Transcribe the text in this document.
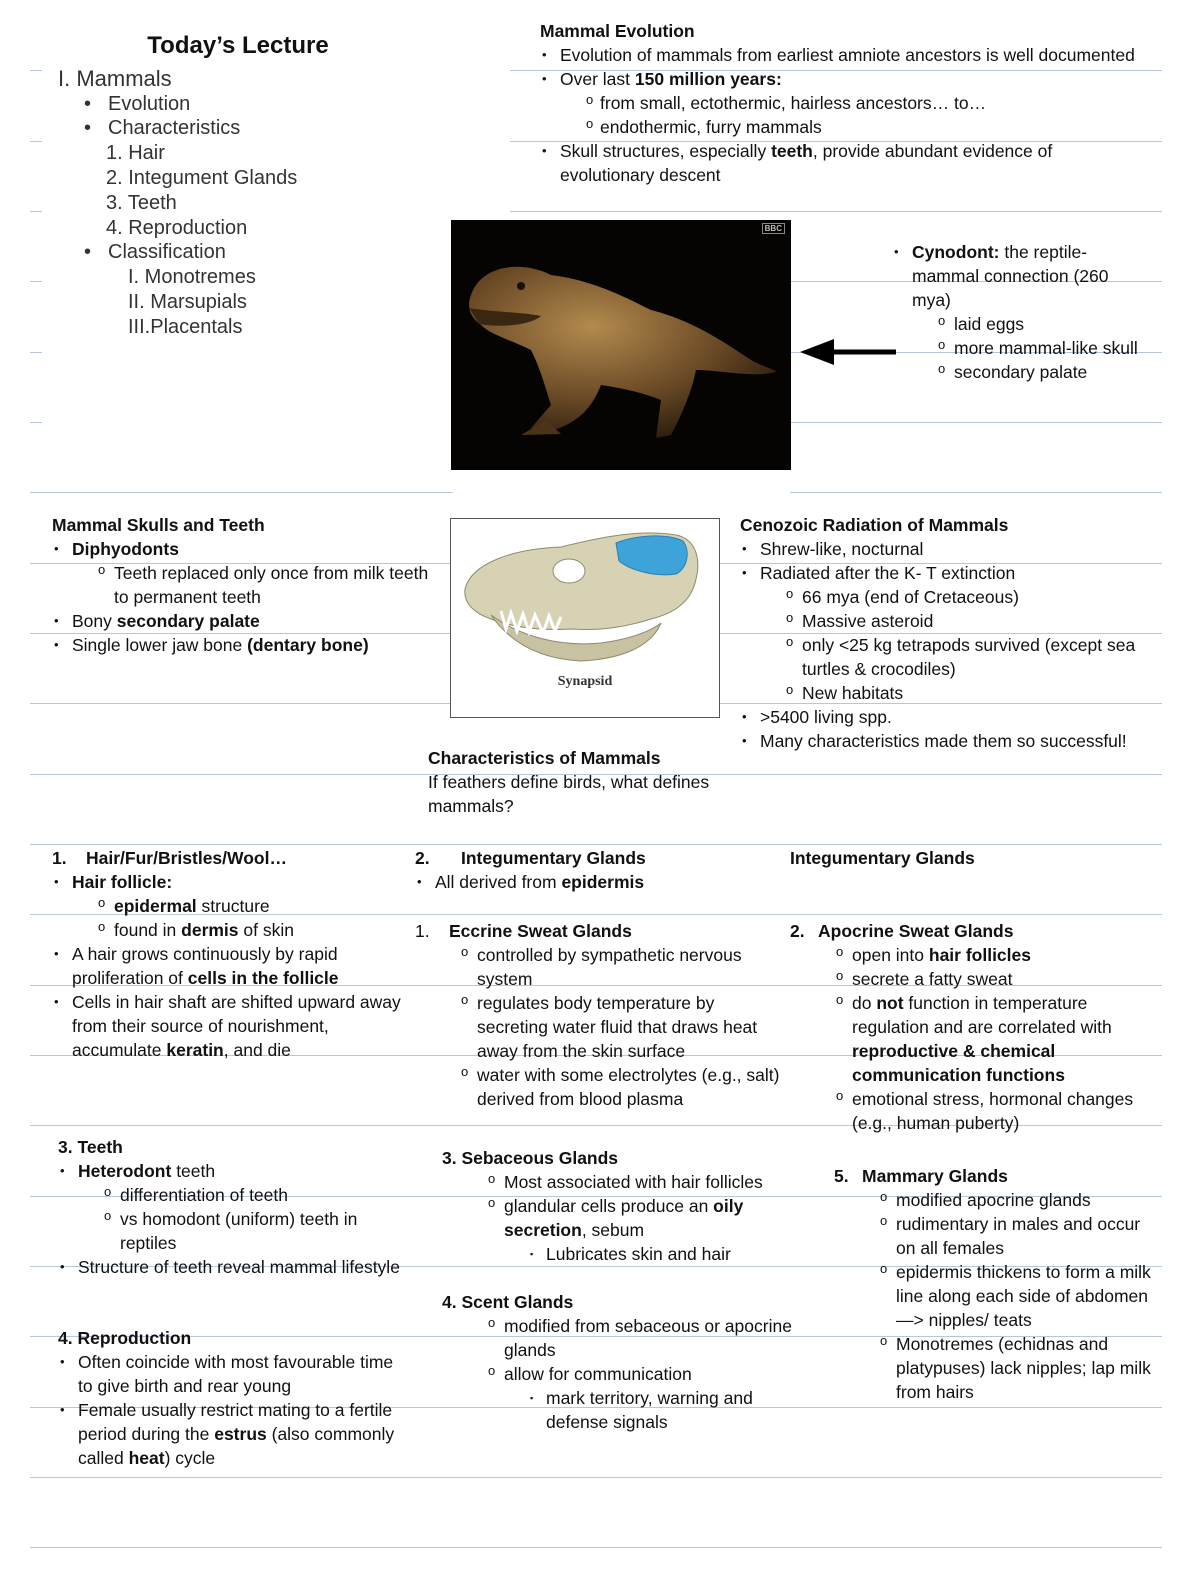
Today’s Lecture
I. Mammals
• Evolution
• Characteristics
1. Hair
2. Integument Glands
3. Teeth
4. Reproduction
• Classification
I. Monotremes
II. Marsupials
III.Placentals

Mammal Evolution

• Evolution of mammals from earliest amniote ancestors is well documented

• Over last 150 million years:

o from small, ectothermic, hairless ancestors… to…

o endothermic, furry mammals

• Skull structures, especially teeth, provide abundant evidence of evolutionary descent

BBC

• Cynodont: the reptile-mammal connection (260 mya)

o laid eggs

o more mammal-like skull

o secondary palate

Mammal Skulls and Teeth

• Diphyodonts

o Teeth replaced only once from milk teeth to permanent teeth

• Bony secondary palate

• Single lower jaw bone (dentary bone)

Synapsid

Cenozoic Radiation of Mammals

• Shrew-like, nocturnal

• Radiated after the K- T extinction

o 66 mya (end of Cretaceous)

o Massive asteroid

o only <25 kg tetrapods survived (except sea turtles & crocodiles)

o New habitats

• >5400 living spp.

• Many characteristics made them so successful!

Characteristics of Mammals

If feathers define birds, what defines mammals?

1. Hair/Fur/Bristles/Wool…

• Hair follicle:

o epidermal structure

o found in dermis of skin

• A hair grows continuously by rapid proliferation of cells in the follicle

• Cells in hair shaft are shifted upward away from their source of nourishment, accumulate keratin, and die

2. Integumentary Glands

• All derived from epidermis

Integumentary Glands

1. Eccrine Sweat Glands

o controlled by sympathetic nervous system

o regulates body temperature by secreting water fluid that draws heat away from the skin surface

o water with some electrolytes (e.g., salt) derived from blood plasma

2. Apocrine Sweat Glands

o open into hair follicles

o secrete a fatty sweat

o do not function in temperature regulation and are correlated with reproductive & chemical communication functions

o emotional stress, hormonal changes (e.g., human puberty)

3. Teeth

• Heterodont teeth

o differentiation of teeth

o vs homodont (uniform) teeth in reptiles

• Structure of teeth reveal mammal lifestyle

4. Reproduction

• Often coincide with most favourable time to give birth and rear young

• Female usually restrict mating to a fertile period during the estrus (also commonly called heat) cycle

3. Sebaceous Glands

o Most associated with hair follicles

o glandular cells produce an oily secretion, sebum

▪ Lubricates skin and hair

4. Scent Glands

o modified from sebaceous or apocrine glands

o allow for communication

▪ mark territory, warning and defense signals

5. Mammary Glands

o modified apocrine glands

o rudimentary in males and occur on all females

o epidermis thickens to form a milk line along each side of abdomen —> nipples/ teats

o Monotremes (echidnas and platypuses) lack nipples; lap milk from hairs
